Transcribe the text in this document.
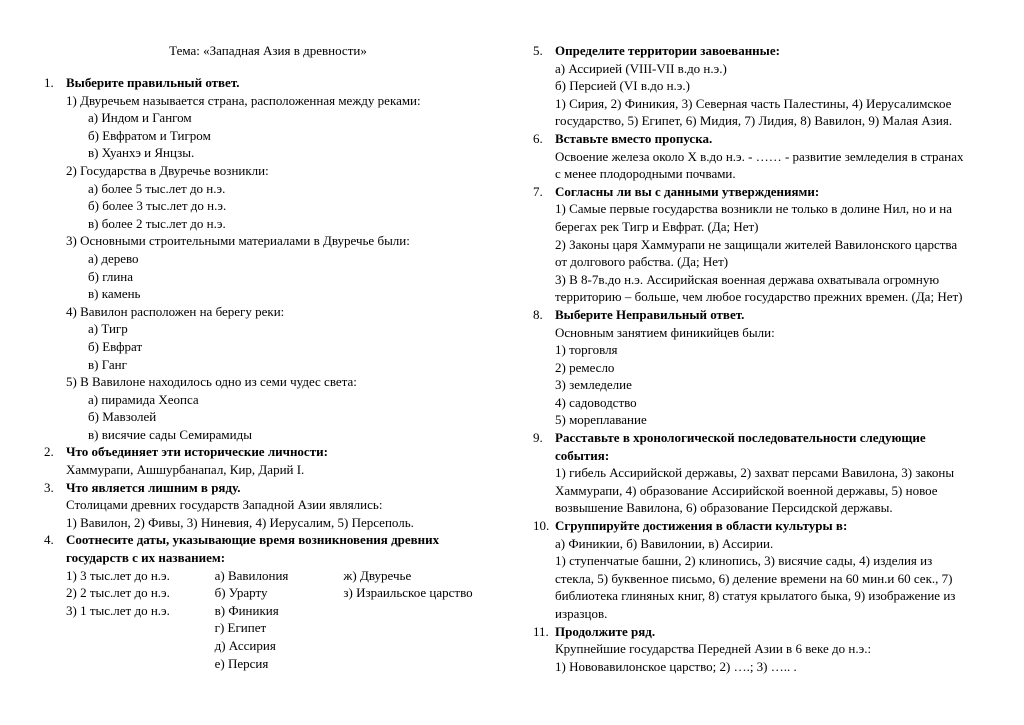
Тема: «Западная Азия в древности»
1. Выберите правильный ответ.
1) Двуречьем называется страна, расположенная между реками:
а) Индом и Гангом
б) Евфратом и Тигром
в) Хуанхэ и Янцзы.
2) Государства в Двуречье возникли:
а) более 5 тыс.лет до н.э.
б) более 3 тыс.лет до н.э.
в) более 2 тыс.лет до н.э.
3) Основными строительными материалами в Двуречье были:
а) дерево
б) глина
в) камень
4) Вавилон расположен на берегу реки:
а) Тигр
б) Евфрат
в) Ганг
5) В Вавилоне находилось одно из семи чудес света:
а) пирамида Хеопса
б) Мавзолей
в) висячие сады Семирамиды
2. Что объединяет эти исторические личности:
Хаммурапи, Ашшурбанапал, Кир, Дарий I.
3. Что является лишним в ряду.
Столицами древних государств Западной Азии являлись:
1) Вавилон, 2) Фивы, 3) Ниневия, 4) Иерусалим, 5) Персеполь.
4. Соотнесите даты, указывающие время возникновения древних
государств с их названием:
1) 3 тыс.лет до н.э.
2) 2 тыс.лет до н.э.
3) 1 тыс.лет до н.э.
а) Вавилония
б) Урарту
в) Финикия
г) Египет
д) Ассирия
е) Персия
ж) Двуречье
з) Израильское царство
5. Определите территории завоеванные:
а) Ассирией (VIII-VII в.до н.э.)
б) Персией (VI в.до н.э.)
1) Сирия, 2) Финикия, 3) Северная часть Палестины, 4) Иерусалимское
государство, 5) Египет, 6) Мидия, 7) Лидия, 8) Вавилон, 9) Малая Азия.
6. Вставьте вместо пропуска.
Освоение железа около Х в.до н.э. - …… - развитие земледелия в странах
с менее плодородными почвами.
7. Согласны ли вы с данными утверждениями:
1) Самые первые государства возникли не только в долине Нил, но и на
берегах рек Тигр и Евфрат. (Да; Нет)
2) Законы царя Хаммурапи не защищали жителей Вавилонского царства
от долгового рабства. (Да; Нет)
3) В 8-7в.до н.э. Ассирийская военная держава охватывала огромную
территорию – больше, чем любое государство прежних времен. (Да; Нет)
8. Выберите Неправильный ответ.
Основным занятием финикийцев были:
1) торговля
2) ремесло
3) земледелие
4) садоводство
5) мореплавание
9. Расставьте в хронологической последовательности следующие
события:
1) гибель Ассирийской державы, 2) захват персами Вавилона, 3) законы
Хаммурапи, 4) образование Ассирийской военной державы, 5) новое
возвышение Вавилона, 6) образование Персидской державы.
10. Сгруппируйте достижения в области культуры в:
а) Финикии, б) Вавилонии, в) Ассирии.
1) ступенчатые башни, 2) клинопись, 3) висячие сады, 4) изделия из
стекла, 5) буквенное письмо, 6) деление времени на 60 мин.и 60 сек., 7)
библиотека глиняных книг, 8) статуя крылатого быка, 9) изображение из
изразцов.
11. Продолжите ряд.
Крупнейшие государства Передней Азии в 6 веке до н.э.:
1) Нововавилонское царство; 2) ….; 3) ….. .
